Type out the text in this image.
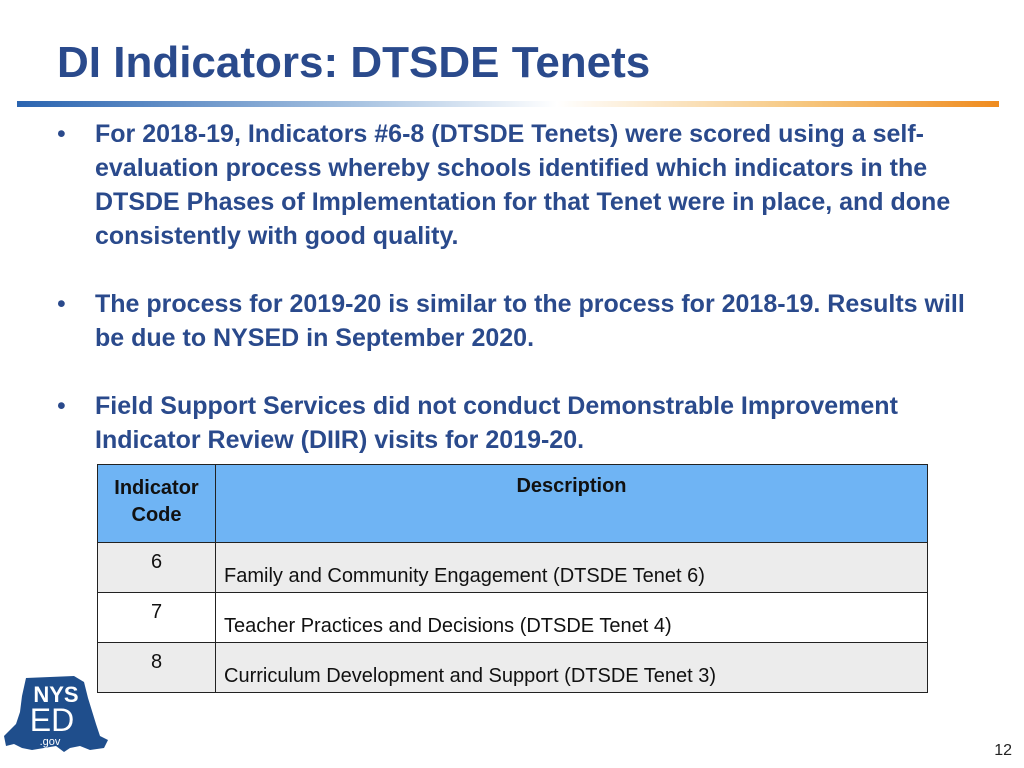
DI Indicators: DTSDE Tenets
• For 2018-19, Indicators #6-8 (DTSDE Tenets) were scored using a self-evaluation process whereby schools identified which indicators in the DTSDE Phases of Implementation for that Tenet were in place, and done consistently with good quality.
• The process for 2019-20 is similar to the process for 2018-19. Results will be due to NYSED in September 2020.
• Field Support Services did not conduct Demonstrable Improvement Indicator Review (DIIR) visits for 2019-20.
Indicator
Code	Description
6	Family and Community Engagement (DTSDE Tenet 6)
7	Teacher Practices and Decisions (DTSDE Tenet 4)
8	Curriculum Development and Support (DTSDE Tenet 3)
NYS
ED
.gov	12
